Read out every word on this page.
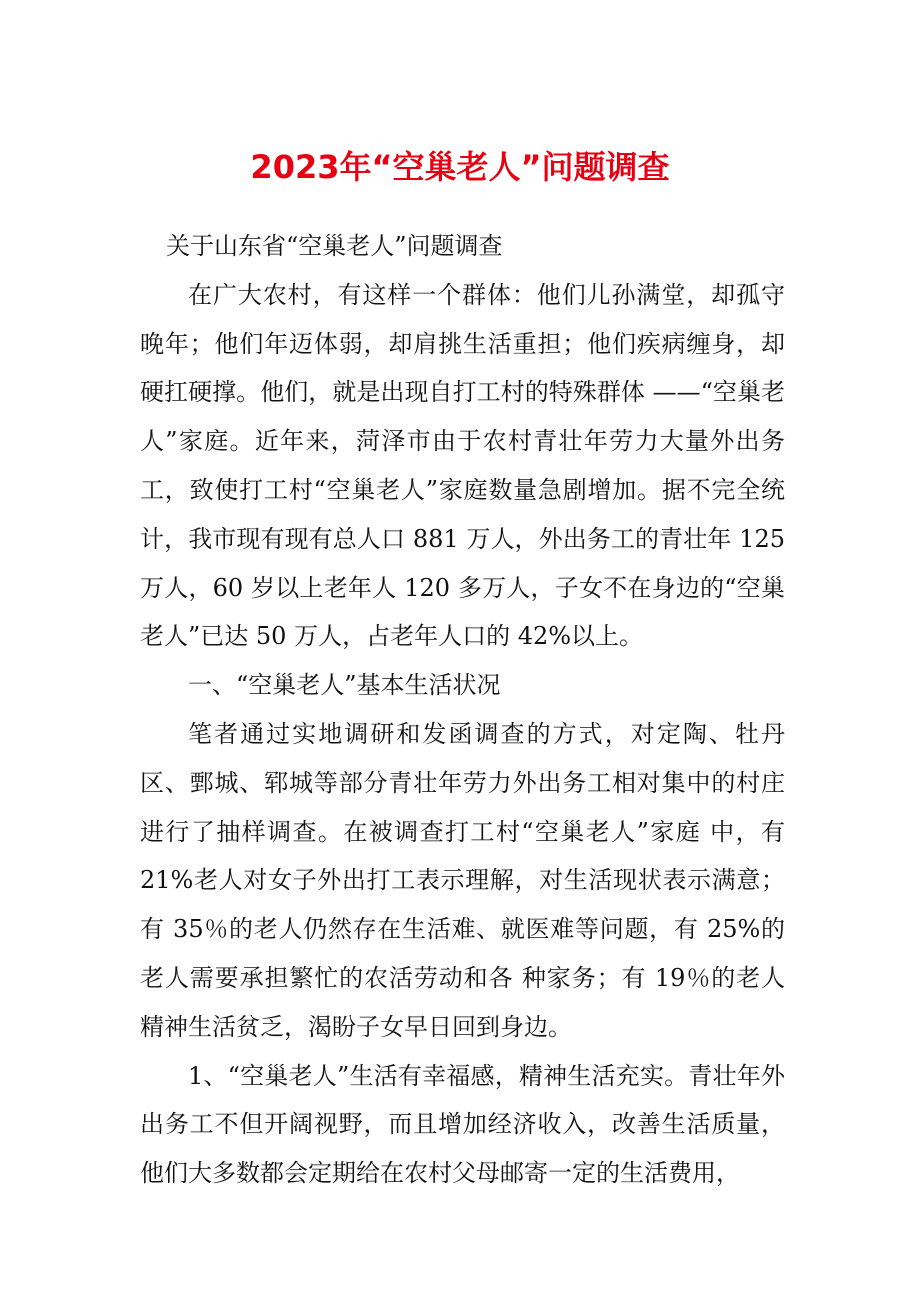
2023年“空巢老人”问题调查

关于山东省“空巢老人”问题调查

在广大农村，有这样一个群体：他们儿孙满堂，却孤守晚年；他们年迈体弱，却肩挑生活重担；他们疾病缠身，却硬扛硬撑。他们，就是出现自打工村的特殊群体 ——“空巢老人”家庭。近年来，菏泽市由于农村青壮年劳力大量外出务工，致使打工村“空巢老人”家庭数量急剧增加。据不完全统计，我市现有现有总人口 881 万人，外出务工的青壮年 125 万人，60 岁以上老年人 120 多万人，子女不在身边的“空巢老人”已达 50 万人，占老年人口的 42%以上。

一、“空巢老人”基本生活状况

笔者通过实地调研和发函调查的方式，对定陶、牡丹区、鄄城、郓城等部分青壮年劳力外出务工相对集中的村庄进行了抽样调查。在被调查打工村“空巢老人”家庭 中，有 21%老人对女子外出打工表示理解，对生活现状表示满意；有 35％的老人仍然存在生活难、就医难等问题，有 25%的老人需要承担繁忙的农活劳动和各 种家务；有 19％的老人精神生活贫乏，渴盼子女早日回到身边。

1、“空巢老人”生活有幸福感，精神生活充实。青壮年外出务工不但开阔视野，而且增加经济收入，改善生活质量，他们大多数都会定期给在农村父母邮寄一定的生活费用，
